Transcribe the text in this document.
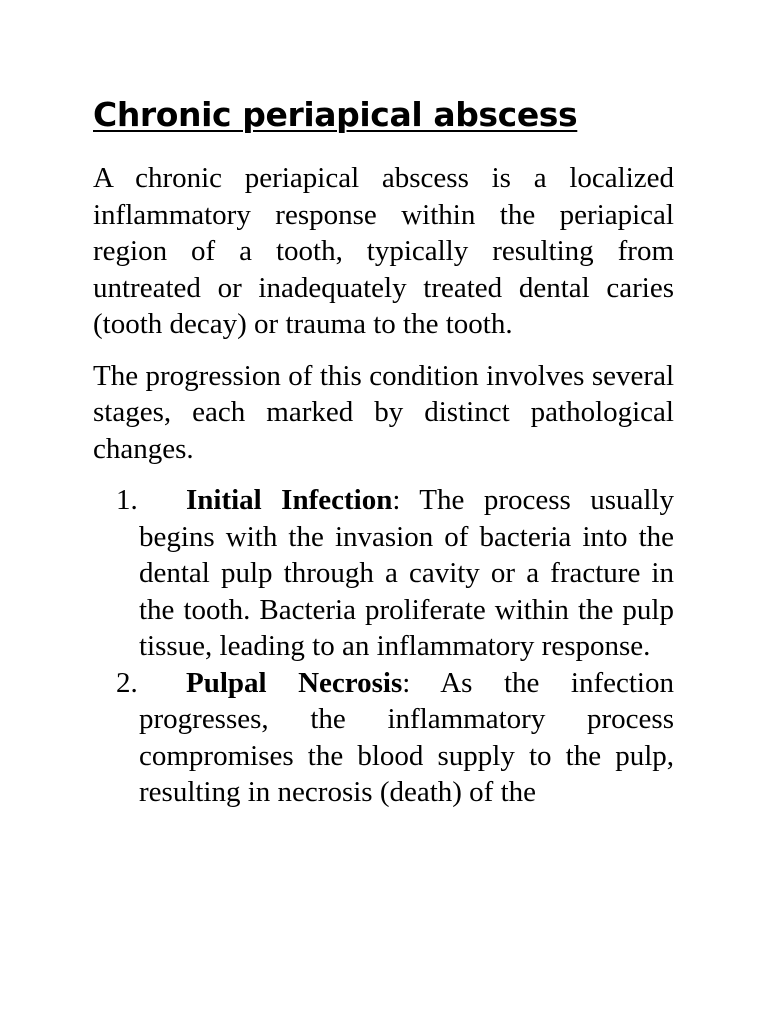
Chronic periapical abscess

A chronic periapical abscess is a localized inflammatory response within the periapical region of a tooth, typically resulting from untreated or inadequately treated dental caries (tooth decay) or trauma to the tooth.

The progression of this condition involves several stages, each marked by distinct pathological changes.

1. Initial Infection: The process usually begins with the invasion of bacteria into the dental pulp through a cavity or a fracture in the tooth. Bacteria proliferate within the pulp tissue, leading to an inflammatory response.
2. Pulpal Necrosis: As the infection progresses, the inflammatory process compromises the blood supply to the pulp, resulting in necrosis (death) of the
